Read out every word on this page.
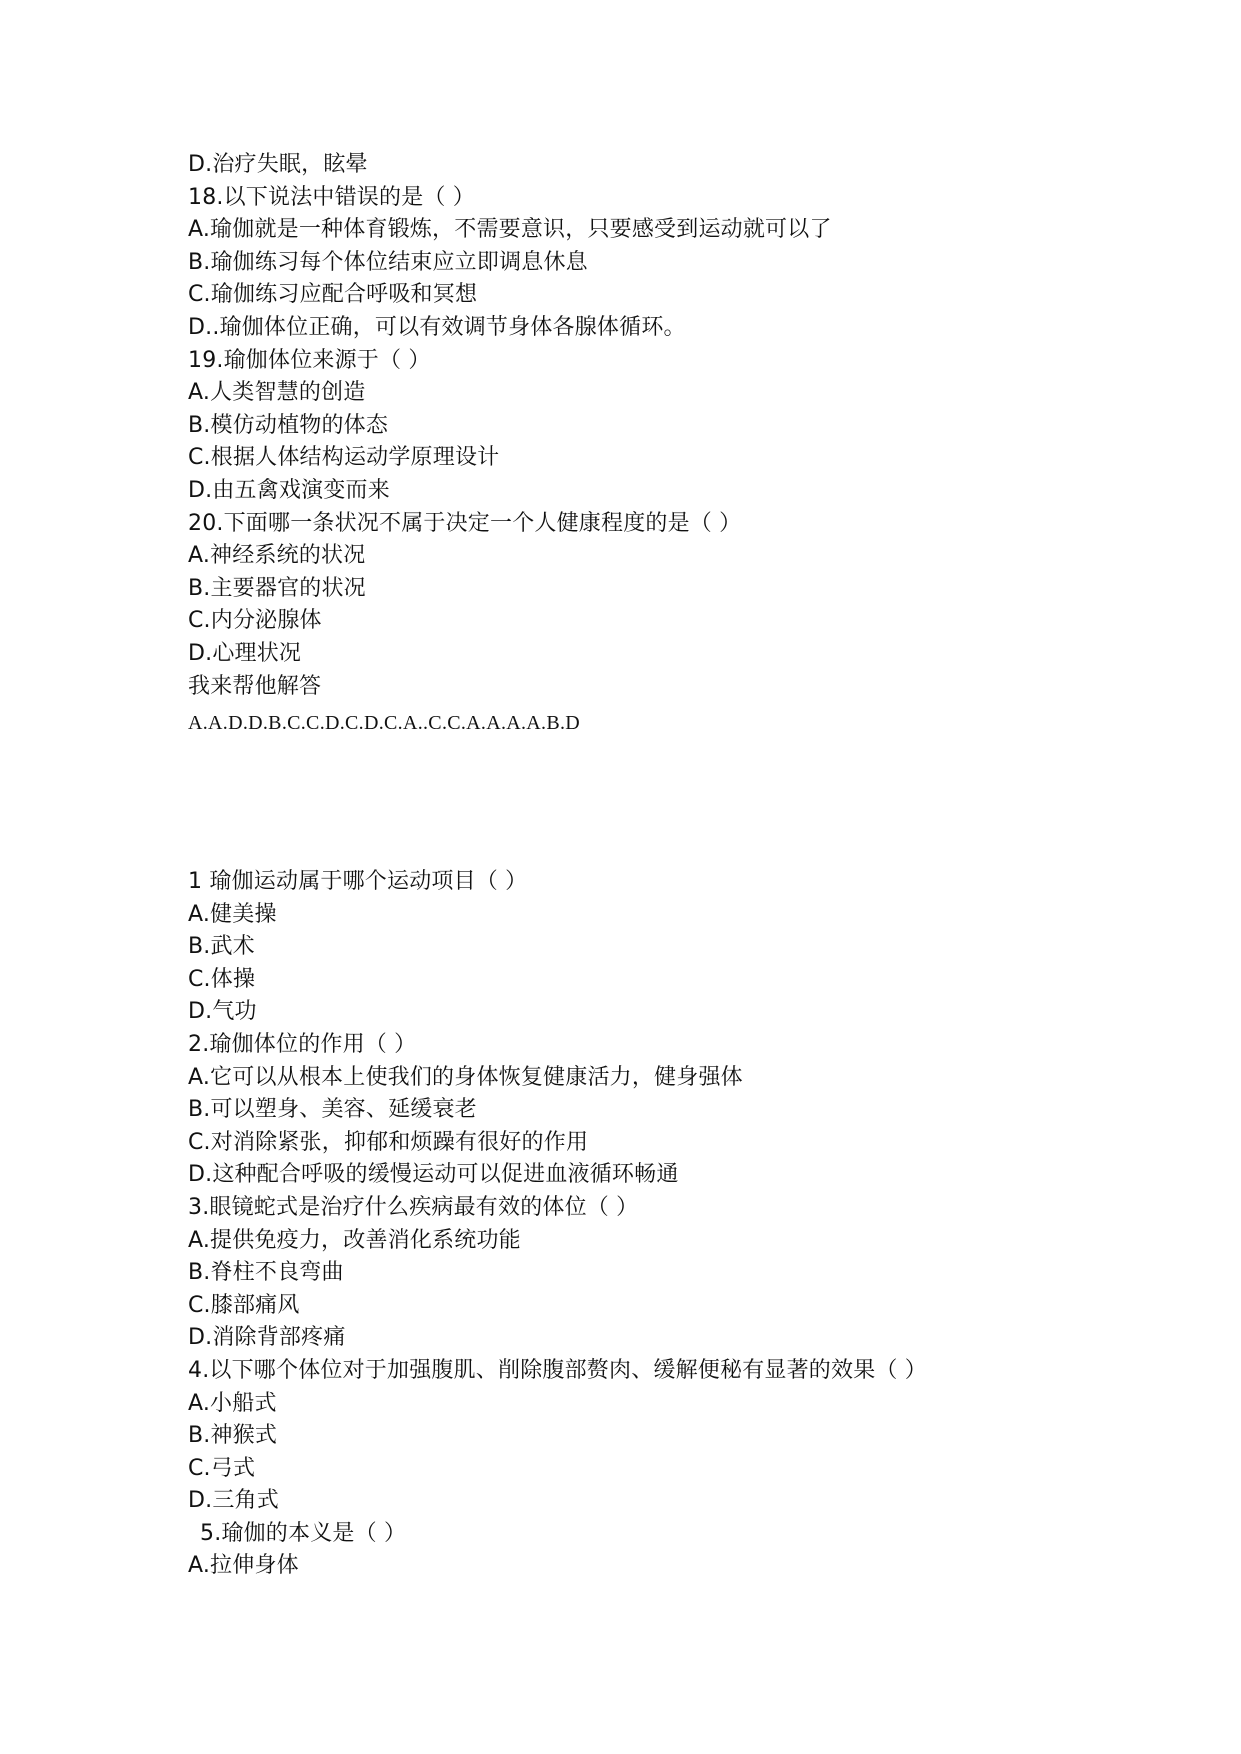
D.治疗失眠，眩晕
18.以下说法中错误的是（ ）
A.瑜伽就是一种体育锻炼，不需要意识，只要感受到运动就可以了
B.瑜伽练习每个体位结束应立即调息休息
C.瑜伽练习应配合呼吸和冥想
D..瑜伽体位正确，可以有效调节身体各腺体循环。
19.瑜伽体位来源于（ ）
A.人类智慧的创造
B.模仿动植物的体态
C.根据人体结构运动学原理设计
D.由五禽戏演变而来
20.下面哪一条状况不属于决定一个人健康程度的是（ ）
A.神经系统的状况
B.主要器官的状况
C.内分泌腺体
D.心理状况
我来帮他解答
A.A.D.D.B.C.C.D.C.D.C.A..C.C.A.A.A.A.B.D
1 瑜伽运动属于哪个运动项目（ ）
A.健美操
B.武术
C.体操
D.气功
2.瑜伽体位的作用（ ）
A.它可以从根本上使我们的身体恢复健康活力，健身强体
B.可以塑身、美容、延缓衰老
C.对消除紧张，抑郁和烦躁有很好的作用
D.这种配合呼吸的缓慢运动可以促进血液循环畅通
3.眼镜蛇式是治疗什么疾病最有效的体位（ ）
A.提供免疫力，改善消化系统功能
B.脊柱不良弯曲
C.膝部痛风
D.消除背部疼痛
4.以下哪个体位对于加强腹肌、削除腹部赘肉、缓解便秘有显著的效果（ ）
A.小船式
B.神猴式
C.弓式
D.三角式
5.瑜伽的本义是（ ）
A.拉伸身体
